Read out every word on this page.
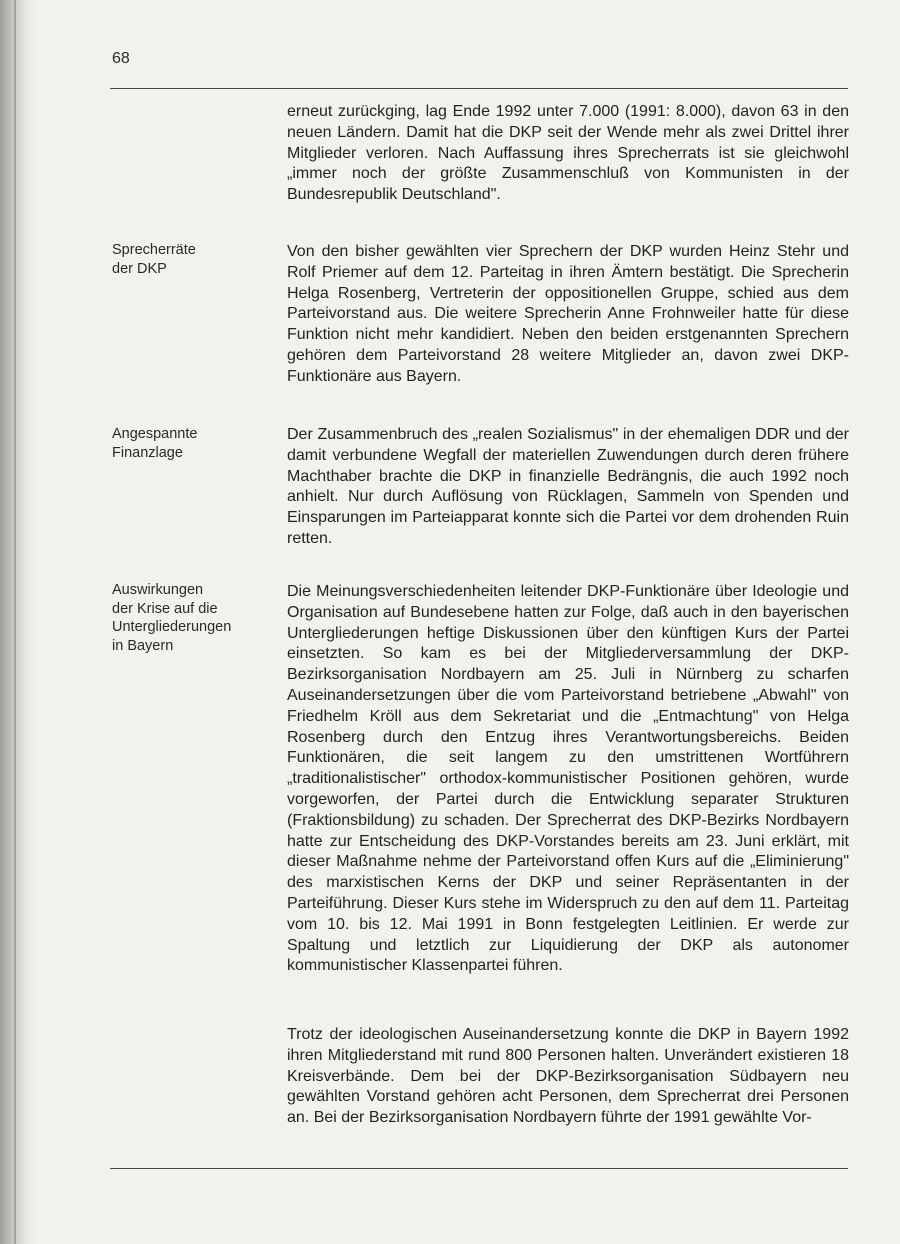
68
Sprecherräte
der DKP
Angespannte
Finanzlage
Auswirkungen
der Krise auf die
Untergliederungen
in Bayern

erneut zurückging, lag Ende 1992 unter 7.000 (1991: 8.000), davon 63 in den neuen Ländern. Damit hat die DKP seit der Wende mehr als zwei Drittel ihrer Mitglieder verloren. Nach Auffassung ihres Sprecherrats ist sie gleichwohl „immer noch der größte Zusammenschluß von Kommunisten in der Bundesrepublik Deutschland".

Von den bisher gewählten vier Sprechern der DKP wurden Heinz Stehr und Rolf Priemer auf dem 12. Parteitag in ihren Ämtern bestätigt. Die Sprecherin Helga Rosenberg, Vertreterin der oppositionellen Gruppe, schied aus dem Parteivorstand aus. Die weitere Sprecherin Anne Frohnweiler hatte für diese Funktion nicht mehr kandidiert. Neben den beiden erstgenannten Sprechern gehören dem Parteivorstand 28 weitere Mitglieder an, davon zwei DKP-Funktionäre aus Bayern.

Der Zusammenbruch des „realen Sozialismus" in der ehemaligen DDR und der damit verbundene Wegfall der materiellen Zuwendungen durch deren frühere Machthaber brachte die DKP in finanzielle Bedrängnis, die auch 1992 noch anhielt. Nur durch Auflösung von Rücklagen, Sammeln von Spenden und Einsparungen im Parteiapparat konnte sich die Partei vor dem drohenden Ruin retten.

Die Meinungsverschiedenheiten leitender DKP-Funktionäre über Ideologie und Organisation auf Bundesebene hatten zur Folge, daß auch in den bayerischen Untergliederungen heftige Diskussionen über den künftigen Kurs der Partei einsetzten. So kam es bei der Mitgliederversammlung der DKP-Bezirksorganisation Nordbayern am 25. Juli in Nürnberg zu scharfen Auseinandersetzungen über die vom Parteivorstand betriebene „Abwahl" von Friedhelm Kröll aus dem Sekretariat und die „Entmachtung" von Helga Rosenberg durch den Entzug ihres Verantwortungsbereichs. Beiden Funktionären, die seit langem zu den umstrittenen Wortführern „traditionalistischer" orthodox-kommunistischer Positionen gehören, wurde vorgeworfen, der Partei durch die Entwicklung separater Strukturen (Fraktionsbildung) zu schaden. Der Sprecherrat des DKP-Bezirks Nordbayern hatte zur Entscheidung des DKP-Vorstandes bereits am 23. Juni erklärt, mit dieser Maßnahme nehme der Parteivorstand offen Kurs auf die „Eliminierung" des marxistischen Kerns der DKP und seiner Repräsentanten in der Parteiführung. Dieser Kurs stehe im Widerspruch zu den auf dem 11. Parteitag vom 10. bis 12. Mai 1991 in Bonn festgelegten Leitlinien. Er werde zur Spaltung und letztlich zur Liquidierung der DKP als autonomer kommunistischer Klassenpartei führen.

Trotz der ideologischen Auseinandersetzung konnte die DKP in Bayern 1992 ihren Mitgliederstand mit rund 800 Personen halten. Unverändert existieren 18 Kreisverbände. Dem bei der DKP-Bezirksorganisation Südbayern neu gewählten Vorstand gehören acht Personen, dem Sprecherrat drei Personen an. Bei der Bezirksorganisation Nordbayern führte der 1991 gewählte Vor-
